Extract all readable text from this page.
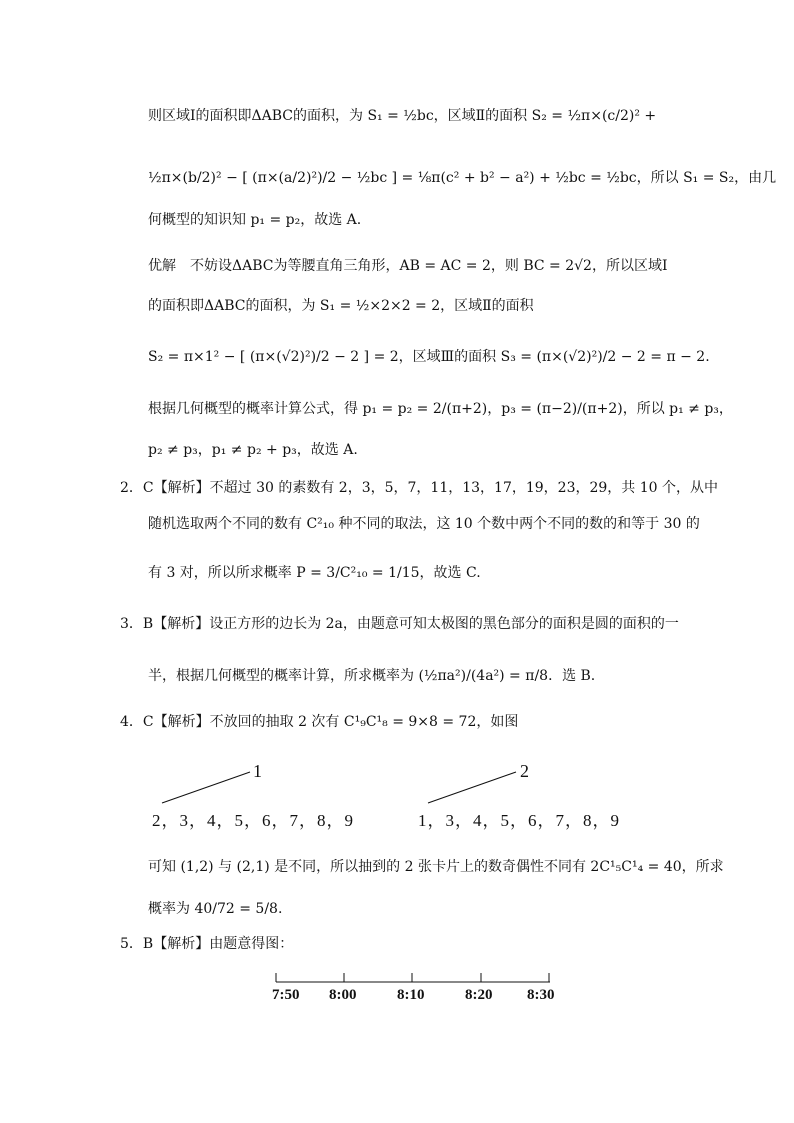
则区域Ⅰ的面积即ΔABC的面积，为 S₁ = ½bc，区域Ⅱ的面积 S₂ = ½π×(c/2)² +
½π×(b/2)² − [ (π×(a/2)²)/2 − ½bc ] = ⅛π(c² + b² − a²) + ½bc = ½bc，所以 S₁ = S₂，由几
何概型的知识知 p₁ = p₂，故选 A.
优解　不妨设ΔABC为等腰直角三角形，AB = AC = 2，则 BC = 2√2，所以区域Ⅰ
的面积即ΔABC的面积，为 S₁ = ½×2×2 = 2，区域Ⅱ的面积
S₂ = π×1² − [ (π×(√2)²)/2 − 2 ] = 2，区域Ⅲ的面积 S₃ = (π×(√2)²)/2 − 2 = π − 2.
根据几何概型的概率计算公式，得 p₁ = p₂ = 2/(π+2)，p₃ = (π−2)/(π+2)，所以 p₁ ≠ p₃，
p₂ ≠ p₃，p₁ ≠ p₂ + p₃，故选 A.
2．C【解析】不超过 30 的素数有 2，3，5，7，11，13，17，19，23，29，共 10 个，从中
随机选取两个不同的数有 C²₁₀ 种不同的取法，这 10 个数中两个不同的数的和等于 30 的
有 3 对，所以所求概率 P = 3/C²₁₀ = 1/15，故选 C.
3．B【解析】设正方形的边长为 2a，由题意可知太极图的黑色部分的面积是圆的面积的一
半，根据几何概型的概率计算，所求概率为 (½πa²)/(4a²) = π/8．选 B.
4．C【解析】不放回的抽取 2 次有 C¹₉C¹₈ = 9×8 = 72，如图
1
2，3，4，5，6，7，8，9
2
1，3，4，5，6，7，8，9
可知 (1,2) 与 (2,1) 是不同，所以抽到的 2 张卡片上的数奇偶性不同有 2C¹₅C¹₄ = 40，所求
概率为 40/72 = 5/8.
5．B【解析】由题意得图：
7:50 8:00	8:10	8:20 8:30
